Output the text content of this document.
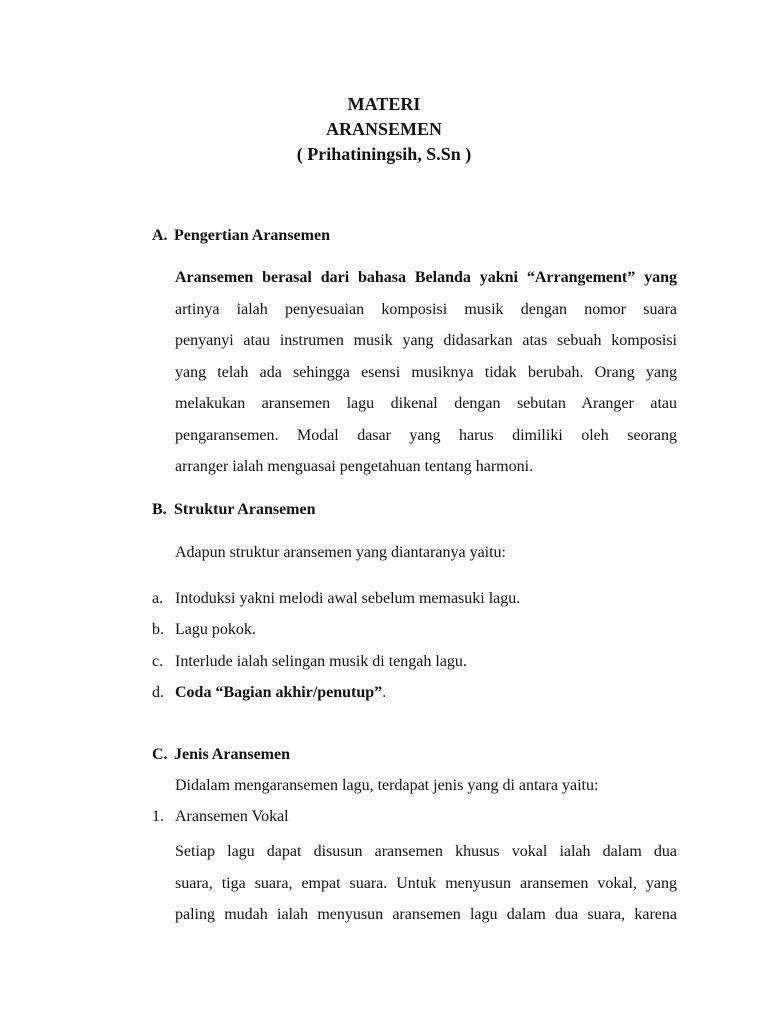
MATERI
ARANSEMEN
( Prihatiningsih, S.Sn )
A. Pengertian Aransemen
Aransemen berasal dari bahasa Belanda yakni “Arrangement” yang
artinya ialah penyesuaian komposisi musik dengan nomor suara
penyanyi atau instrumen musik yang didasarkan atas sebuah komposisi
yang telah ada sehingga esensi musiknya tidak berubah. Orang yang
melakukan aransemen lagu dikenal dengan sebutan Aranger atau
pengaransemen. Modal dasar yang harus dimiliki oleh seorang
arranger ialah menguasai pengetahuan tentang harmoni.
B. Struktur Aransemen
Adapun struktur aransemen yang diantaranya yaitu:
a. Intoduksi yakni melodi awal sebelum memasuki lagu.
b. Lagu pokok.
c. Interlude ialah selingan musik di tengah lagu.
d. Coda “Bagian akhir/penutup”.
C. Jenis Aransemen
Didalam mengaransemen lagu, terdapat jenis yang di antara yaitu:
1. Aransemen Vokal
Setiap lagu dapat disusun aransemen khusus vokal ialah dalam dua
suara, tiga suara, empat suara. Untuk menyusun aransemen vokal, yang
paling mudah ialah menyusun aransemen lagu dalam dua suara, karena
